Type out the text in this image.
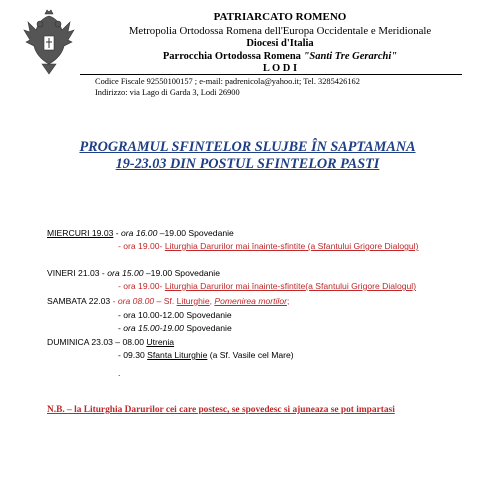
PATRIARCATO ROMENO
Metropolia Ortodossa Romena dell'Europa Occidentale e Meridionale
Diocesi d'Italia
Parrocchia Ortodossa Romena "Santi Tre Gerarchi"
L O D I
Codice Fiscale 92550100157 ; e-mail: padrenicola@yahoo.it; Tel. 3285426162
Indirizzo: via Lago di Garda 3, Lodi 26900
PROGRAMUL SFINTELOR SLUJBE ÎN SAPTAMANA
19-23.03 DIN POSTUL SFINTELOR PASTI
MIERCURI 19.03 - ora 16.00 –19.00 Spovedanie
- ora 19.00- Liturghia Darurilor mai înainte-sfintite (a Sfantului Grigore Dialogul)
VINERI 21.03 - ora 15.00 –19.00 Spovedanie
- ora 19.00- Liturghia Darurilor mai înainte-sfintite(a Sfantului Grigore Dialogul)
SAMBATA 22.03 - ora 08.00 – Sf. Liturghie, Pomenirea mortilor;
- ora 10.00-12.00 Spovedanie
- ora 15.00-19.00 Spovedanie
DUMINICA 23.03 – 08.00 Utrenia
- 09.30 Sfanta Liturghie (a Sf. Vasile cel Mare)
.
N.B. – la Liturghia Darurilor cei care postesc, se spovedesc si ajuneaza se pot impartasi
